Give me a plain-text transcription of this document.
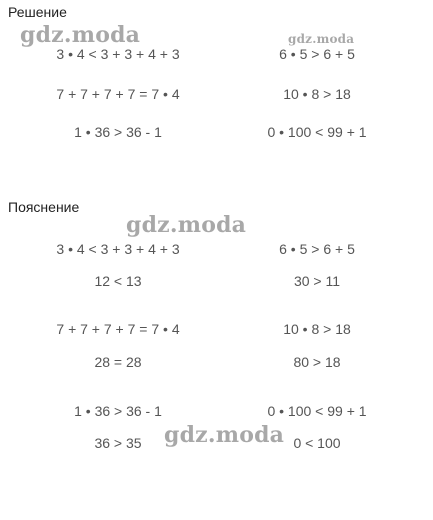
Решение
3 • 4 < 3 + 3 + 4 + 3	6 • 5 > 6 + 5
7 + 7 + 7 + 7 = 7 • 4	10 • 8 > 18
1 • 36 > 36 - 1	0 • 100 < 99 + 1
Пояснение
3 • 4 < 3 + 3 + 4 + 3	6 • 5 > 6 + 5
12 < 13	30 > 11
7 + 7 + 7 + 7 = 7 • 4	10 • 8 > 18
28 = 28	80 > 18
1 • 36 > 36 - 1	0 • 100 < 99 + 1
36 > 35	0 < 100
gdz.moda	gdz.moda
gdz.moda
gdz.moda
